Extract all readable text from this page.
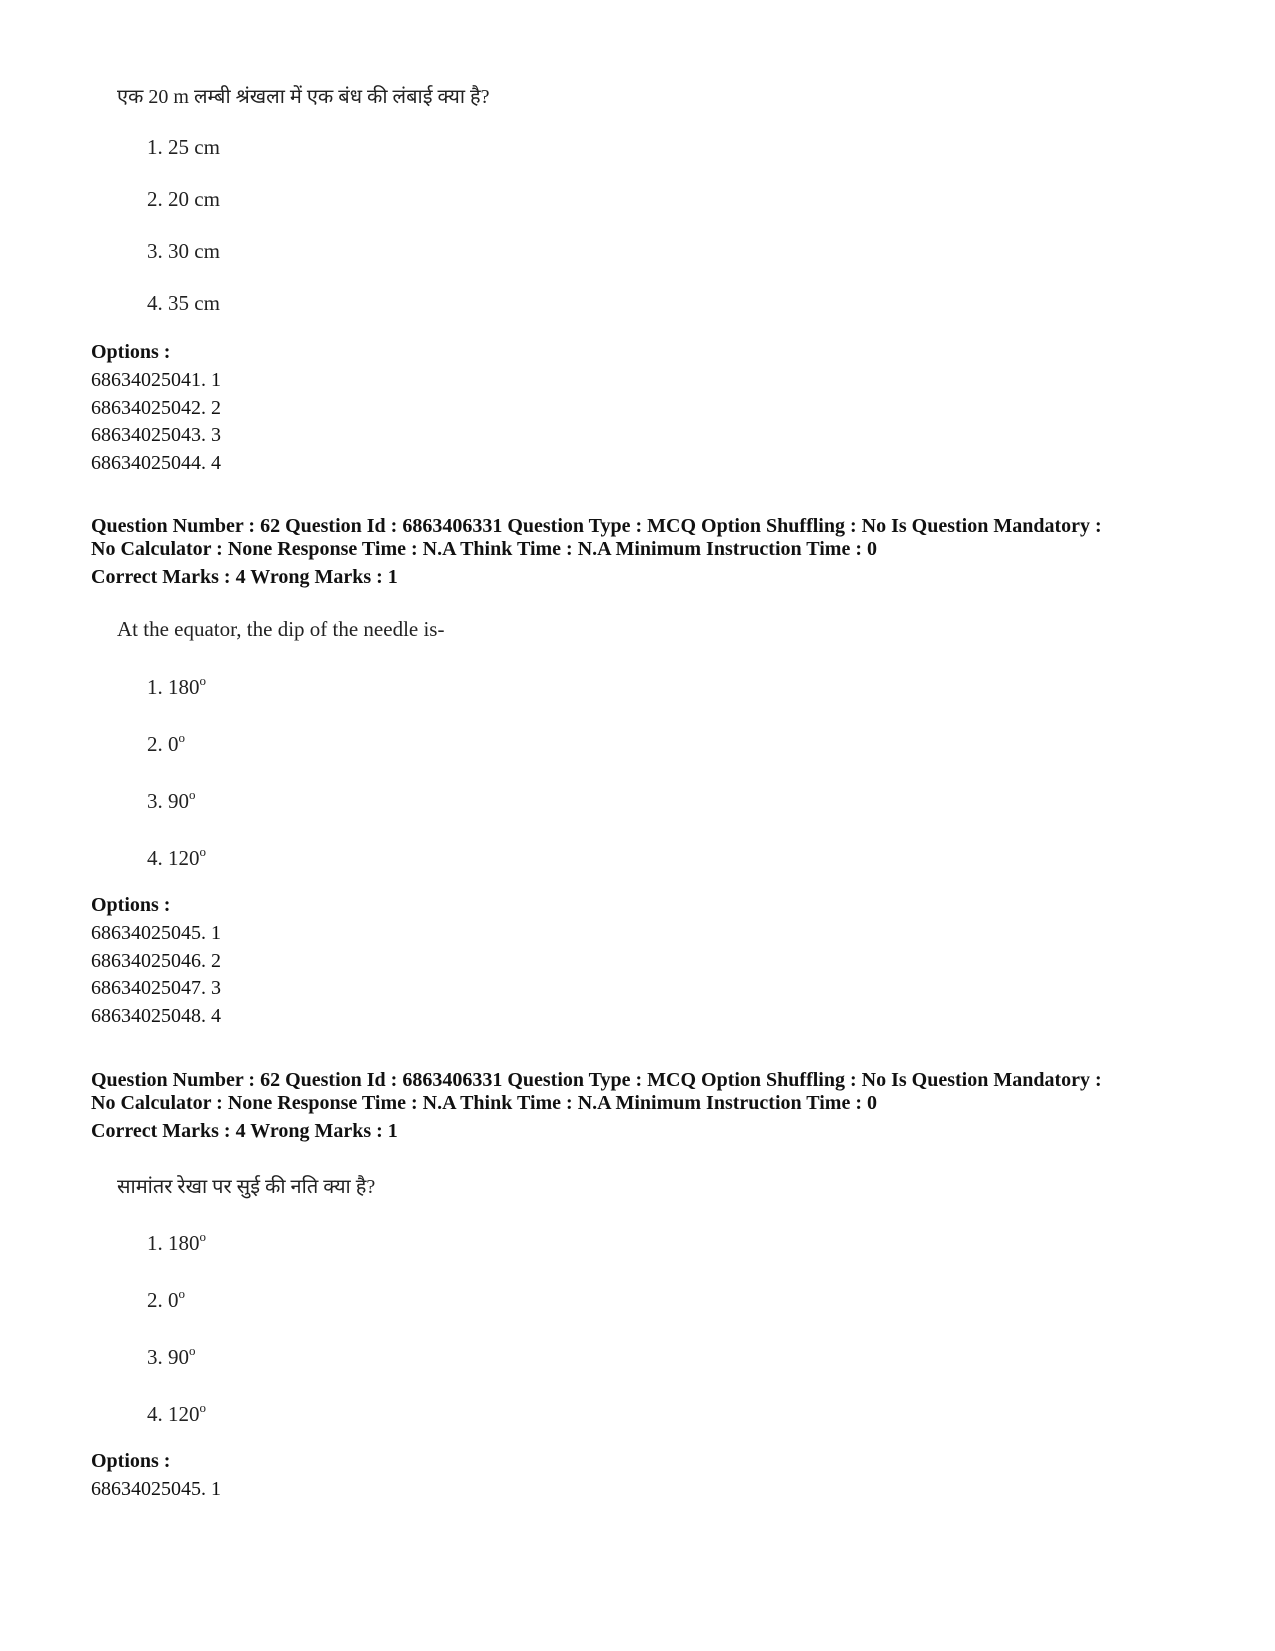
एक 20 m लम्बी श्रंखला में एक बंध की लंबाई क्या है?
1. 25 cm
2. 20 cm
3. 30 cm
4. 35 cm
Options :
68634025041. 1
68634025042. 2
68634025043. 3
68634025044. 4
Question Number : 62 Question Id : 6863406331 Question Type : MCQ Option Shuffling : No Is Question Mandatory :
No Calculator : None Response Time : N.A Think Time : N.A Minimum Instruction Time : 0
Correct Marks : 4 Wrong Marks : 1
At the equator, the dip of the needle is-
1. 180$^o$
2. 0$^o$
3. 90$^o$
4. 120$^o$
Options :
68634025045. 1
68634025046. 2
68634025047. 3
68634025048. 4
Question Number : 62 Question Id : 6863406331 Question Type : MCQ Option Shuffling : No Is Question Mandatory :
No Calculator : None Response Time : N.A Think Time : N.A Minimum Instruction Time : 0
Correct Marks : 4 Wrong Marks : 1
सामांतर रेखा पर सुई की नति क्या है?
1. 180$^o$
2. 0$^o$
3. 90$^o$
4. 120$^o$
Options :
68634025045. 1
